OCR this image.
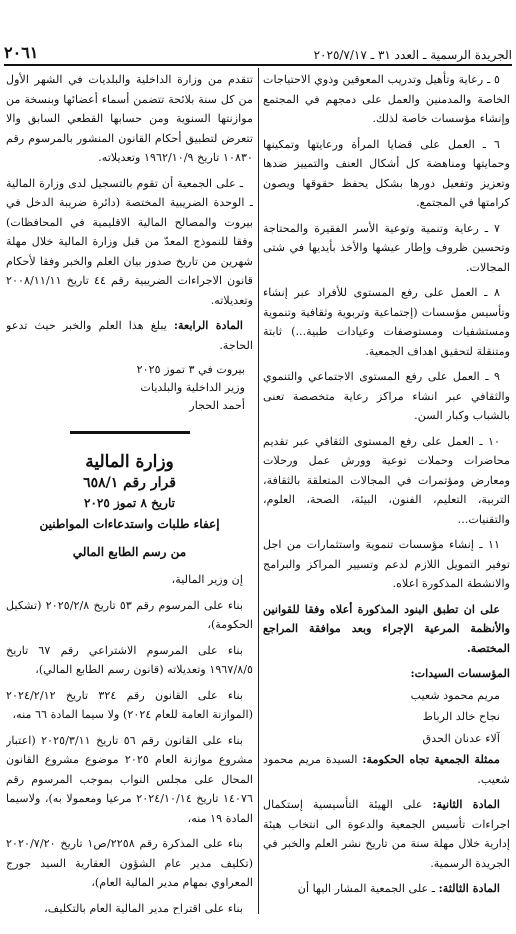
الجريدة الرسمية ـ العدد ٣١ ـ ٢٠٢٥/٧/١٧
٢٠٦١

٥ ـ رعاية وتأهيل وتدريب المعوقين وذوي الاحتياجات الخاصة والمدمنين والعمل على دمجهم في المجتمع وإنشاء مؤسسات خاصة لذلك.

٦ ـ العمل على قضايا المرأة ورعايتها وتمكينها وحمايتها ومناهضة كل أشكال العنف والتمييز ضدها وتعزيز وتفعيل دورها بشكل يحفظ حقوقها ويصون كرامتها في المجتمع.

٧ ـ رعاية وتنمية وتوعية الأسر الفقيرة والمحتاجة وتحسين ظروف وإطار عيشها والأخذ بأيديها في شتى المجالات.

٨ ـ العمل على رفع المستوى للأفراد عبر إنشاء وتأسيس مؤسسات (إجتماعية وتربوية وثقافية وتنموية ومستشفيات ومستوصفات وعيادات طبية...) ثابتة ومتنقلة لتحقيق اهداف الجمعية.

٩ ـ العمل على رفع المستوى الاجتماعي والتنموي والثقافي عبر انشاء مراكز رعاية متخصصة تعنى بالشباب وكبار السن.

١٠ ـ العمل على رفع المستوى الثقافي عبر تقديم محاضرات وحملات توعية وورش عمل ورحلات ومعارض ومؤتمرات في المجالات المتعلقة بالثقافة، التربية، التعليم، الفنون، البيئة، الصحة، العلوم، والتقنيات...

١١ ـ إنشاء مؤسسات تنموية واستثمارات من اجل توفير التمويل اللازم لدعم وتسيير المراكز والبرامج والانشطة المذكورة اعلاه.

على ان تطبق البنود المذكورة أعلاه وفقا للقوانين والأنظمة المرعية الإجراء وبعد موافقة المراجع المختصة.

المؤسسات السيدات:
مريم محمود شعيب
نجاح خالد الرباط
آلاء عدنان الحدق

ممثلة الجمعية تجاه الحكومة: السيدة مريم محمود شعيب.

المادة الثانية: على الهيئة التأسيسية إستكمال اجراءات تأسيس الجمعية والدعوة الى انتخاب هيئة إدارية خلال مهلة سنة من تاريخ نشر العلم والخبر في الجريدة الرسمية.

المادة الثالثة: ـ على الجمعية المشار اليها أن

تتقدم من وزارة الداخلية والبلديات في الشهر الأول من كل سنة بلائحة تتضمن أسماء أعضائها وبنسخة من موازنتها السنوية ومن حسابها القطعي السابق والا تتعرض لتطبيق أحكام القانون المنشور بالمرسوم رقم ١٠٨٣٠ تاريخ ١٩٦٢/١٠/٩ وتعديلاته.

ـ على الجمعية أن تقوم بالتسجيل لدى وزارة المالية ـ الوحدة الضريبية المختصة (دائرة ضريبة الدخل في بيروت والمصالح المالية الاقليمية في المحافظات) وفقا للنموذج المعدّ من قبل وزارة المالية خلال مهلة شهرين من تاريخ صدور بيان العلم والخبر وفقا لأحكام قانون الاجراءات الضريبية رقم ٤٤ تاريخ ٢٠٠٨/١١/١١ وتعديلاته.

المادة الرابعة: يبلغ هذا العلم والخبر حيث تدعو الحاجة.

بيروت في ٣ تموز ٢٠٢٥
وزير الداخلية والبلديات
أحمد الحجار
وزارة المالية
قرار رقم ٦٥٨/١
تاريخ ٨ تموز ٢٠٢٥
إعفاء طلبات واستدعاءات المواطنين
من رسم الطابع المالي

إن وزير المالية،

بناء على المرسوم رقم ٥٣ تاريخ ٢٠٢٥/٢/٨ (تشكيل الحكومة)،

بناء على المرسوم الاشتراعي رقم ٦٧ تاريخ ١٩٦٧/٨/٥ وتعديلاته (قانون رسم الطابع المالي)،

بناء على القانون رقم ٣٢٤ تاريخ ٢٠٢٤/٢/١٢ (الموازنة العامة للعام ٢٠٢٤) ولا سيما المادة ٦٦ منه،

بناء على القانون رقم ٥٦ تاريخ ٢٠٢٥/٣/١١ (اعتبار مشروع موازنة العام ٢٠٢٥ موضوع مشروع القانون المحال على مجلس النواب بموجب المرسوم رقم ١٤٠٧٦ تاريخ ٢٠٢٤/١٠/١٤ مرعيا ومعمولا به)، ولاسيما المادة ١٩ منه،

بناء على المذكرة رقم ٢٢٥٨/ص١ تاريخ ٢٠٢٠/٧/٢٠ (تكليف مدير عام الشؤون العقارية السيد جورج المعراوي بمهام مدير المالية العام)،

بناء على اقتراح مدير المالية العام بالتكليف،
